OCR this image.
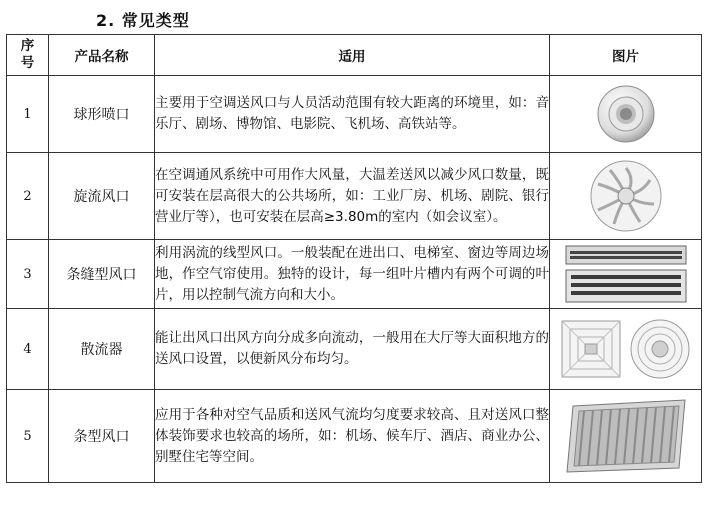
2. 常见类型
序号	产品名称	适用	图片
1	球形喷口	主要用于空调送风口与人员活动范围有较大距离的环境里，如：音乐厅、剧场、博物馆、电影院、飞机场、高铁站等。	
2	旋流风口	在空调通风系统中可用作大风量，大温差送风以减少风口数量，既可安装在层高很大的公共场所，如：工业厂房、机场、剧院、银行营业厅等），也可安装在层高≥3.80m的室内（如会议室）。	
3	条缝型风口	利用涡流的线型风口。一般装配在进出口、电梯室、窗边等周边场地，作空气帘使用。独特的设计，每一组叶片槽内有两个可调的叶片，用以控制气流方向和大小。	
4	散流器	能让出风口出风方向分成多向流动，一般用在大厅等大面积地方的送风口设置，以便新风分布均匀。	
5	条型风口	应用于各种对空气品质和送风气流均匀度要求较高、且对送风口整体装饰要求也较高的场所，如：机场、候车厅、酒店、商业办公、别墅住宅等空间。	
